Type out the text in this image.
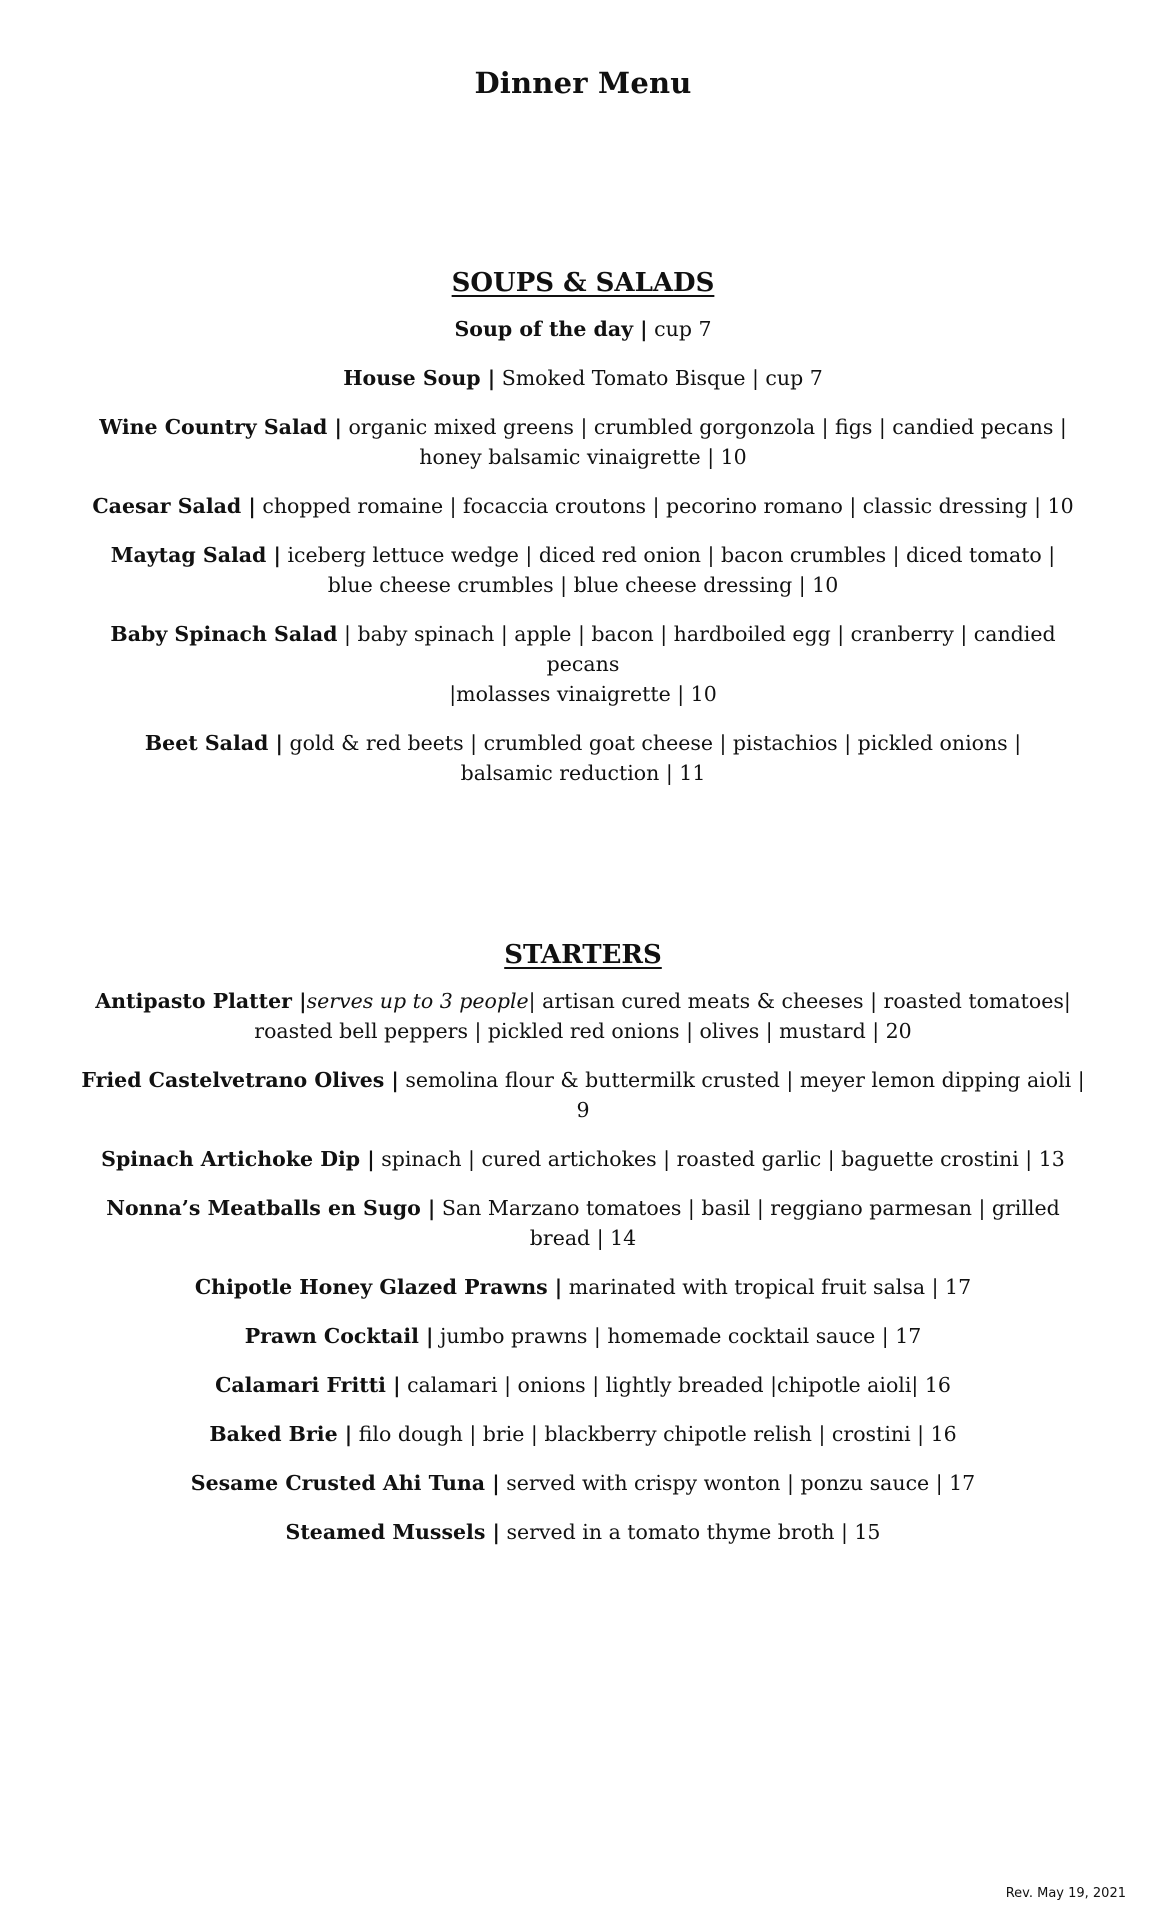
Dinner Menu
SOUPS & SALADS
Soup of the day | cup 7
House Soup | Smoked Tomato Bisque | cup 7
Wine Country Salad | organic mixed greens | crumbled gorgonzola | figs | candied pecans |
honey balsamic vinaigrette | 10
Caesar Salad | chopped romaine | focaccia croutons | pecorino romano | classic dressing | 10
Maytag Salad | iceberg lettuce wedge | diced red onion | bacon crumbles | diced tomato |
blue cheese crumbles | blue cheese dressing | 10
Baby Spinach Salad | baby spinach | apple | bacon | hardboiled egg | cranberry | candied pecans
|molasses vinaigrette | 10
Beet Salad | gold & red beets | crumbled goat cheese | pistachios | pickled onions |
balsamic reduction | 11
STARTERS
Antipasto Platter |serves up to 3 people| artisan cured meats & cheeses | roasted tomatoes|
roasted bell peppers | pickled red onions | olives | mustard | 20
Fried Castelvetrano Olives | semolina flour & buttermilk crusted | meyer lemon dipping aioli | 9
Spinach Artichoke Dip | spinach | cured artichokes | roasted garlic | baguette crostini | 13
Nonna’s Meatballs en Sugo | San Marzano tomatoes | basil | reggiano parmesan | grilled bread | 14
Chipotle Honey Glazed Prawns | marinated with tropical fruit salsa | 17
Prawn Cocktail | jumbo prawns | homemade cocktail sauce | 17
Calamari Fritti | calamari | onions | lightly breaded |chipotle aioli| 16
Baked Brie | filo dough | brie | blackberry chipotle relish | crostini | 16
Sesame Crusted Ahi Tuna | served with crispy wonton | ponzu sauce | 17
Steamed Mussels | served in a tomato thyme broth | 15
Rev. May 19, 2021
